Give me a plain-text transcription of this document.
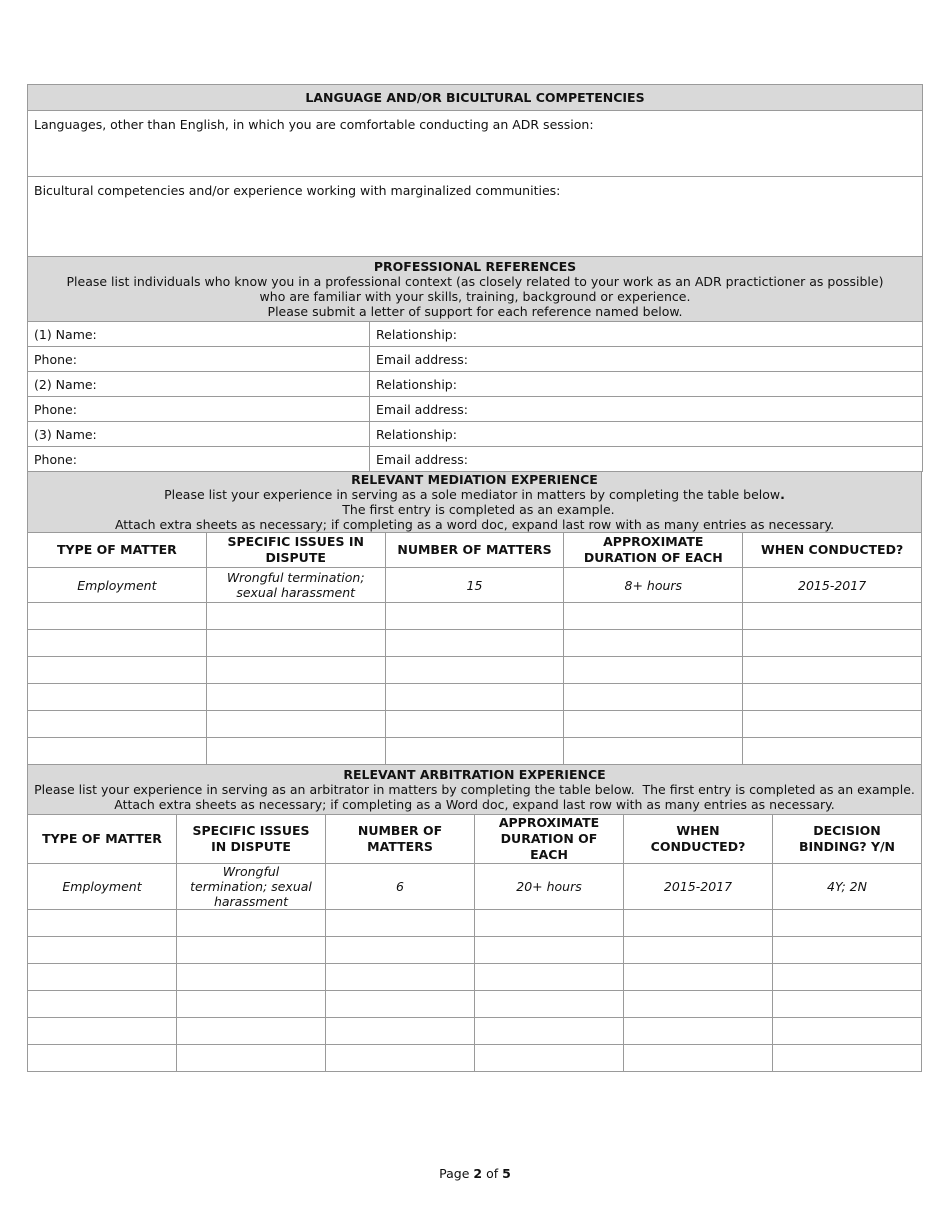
LANGUAGE AND/OR BICULTURAL COMPETENCIES	
Languages, other than English, in which you are comfortable conducting an ADR session:	
Bicultural competencies and/or experience working with marginalized communities:	
PROFESSIONAL REFERENCES
Please list individuals who know you in a professional context (as closely related to your work as an ADR practictioner as possible)
who are familiar with your skills, training, background or experience.
Please submit a letter of support for each reference named below.	
(1) Name:	Relationship:
Phone:	Email address:
(2) Name:	Relationship:
Phone:	Email address:
(3) Name:	Relationship:
Phone:	Email address:
RELEVANT MEDIATION EXPERIENCE
Please list your experience in serving as a sole mediator in matters by completing the table below.  The first entry is completed as an example.
Attach extra sheets as necessary; if completing as a word doc, expand last row with as many entries as necessary.				
TYPE OF MATTER	SPECIFIC ISSUES IN DISPUTE	NUMBER OF MATTERS	APPROXIMATE DURATION OF EACH	WHEN CONDUCTED?
Employment	Wrongful termination; sexual harassment	15	8+ hours	2015-2017

RELEVANT ARBITRATION EXPERIENCE
Please list your experience in serving as an arbitrator in matters by completing the table below.  The first entry is completed as an example.
Attach extra sheets as necessary; if completing as a Word doc, expand last row with as many entries as necessary.					
TYPE OF MATTER	SPECIFIC ISSUES IN DISPUTE	NUMBER OF MATTERS	APPROXIMATE DURATION OF EACH	WHEN CONDUCTED?	DECISION BINDING? Y/N
Employment	Wrongful termination; sexual harassment	6	20+ hours	2015-2017	4Y; 2N

Page 2 of 5
